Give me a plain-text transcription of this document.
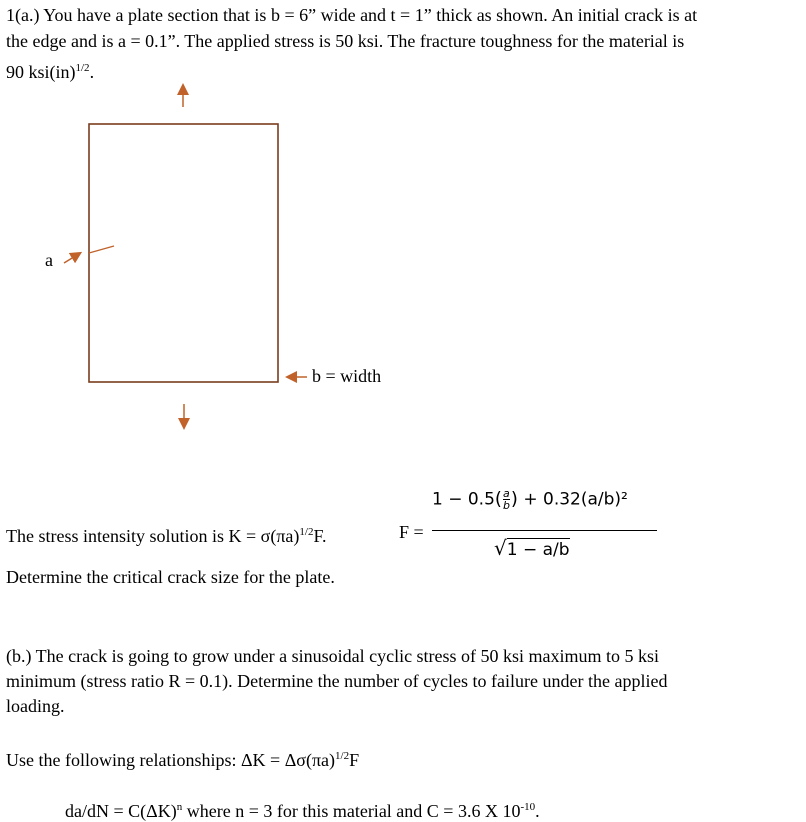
1(a.) You have a plate section that is b = 6” wide and t = 1” thick as shown. An initial crack is at
the edge and is a = 0.1”. The applied stress is 50 ksi. The fracture toughness for the material is
90 ksi(in)$^{1/2}$.
a
b = width
The stress intensity solution is $K = \sigma(\pi a)^{1/2}F$.	F =
$1 - 0.5( \frac{a}{b}$ ) + 0.32(a/b)²
√1 − a/b
Determine the critical crack size for the plate.
(b.) The crack is going to grow under a sinusoidal cyclic stress of 50 ksi maximum to 5 ksi
minimum (stress ratio R = 0.1). Determine the number of cycles to failure under the applied
loading.
Use the following relationships: $\Delta K = \Delta\sigma(\pi a)^{1/2}F$
$da/dN = C(\Delta K)^n$ where n = 3 for this material and C = 3.6 X $10^{-10}$.
